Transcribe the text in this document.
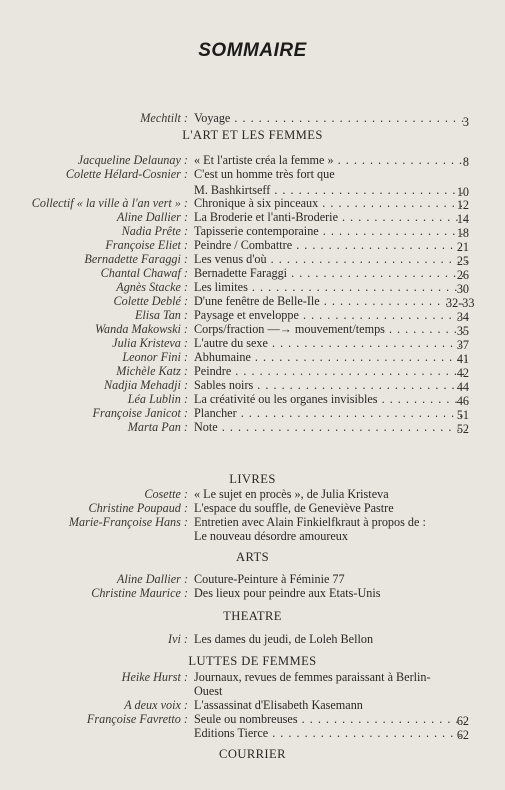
SOMMAIRE
Mechtilt : Voyage . . .	3
L'ART ET LES FEMMES
Jacqueline Delaunay : « Et l'artiste créa la femme » . . .	8
Colette Hélard-Cosnier : C'est un homme très fort que
M. Bashkirtseff . . .	10
Collectif « la ville à l'an vert » : Chronique à six pinceaux . . .	12
Aline Dallier : La Broderie et l'anti-Broderie . . .	14
Nadia Prête : Tapisserie contemporaine . . .	18
Françoise Eliet : Peindre / Combattre . . .	21
Bernadette Faraggi : Les venus d'où . . .	25
Chantal Chawaf : Bernadette Faraggi . . .	26
Agnès Stacke : Les limites . . .	30
Colette Deblé : D'une fenêtre de Belle-Ile . . .	32-33
Elisa Tan : Paysage et enveloppe . . .	34
Wanda Makowski : Corps/fraction —→ mouvement/temps . . .	35
Julia Kristeva : L'autre du sexe . . .	37
Leonor Fini : Abhumaine . . .	41
Michèle Katz : Peindre . . .	42
Nadjia Mehadji : Sables noirs . . .	44
Léa Lublin : La créativité ou les organes invisibles . . .	46
Françoise Janicot : Plancher . . .	51
Marta Pan : Note . . .	52
LIVRES
Cosette : « Le sujet en procès », de Julia Kristeva
Christine Poupaud : L'espace du souffle, de Geneviève Pastre
Marie-Françoise Hans : Entretien avec Alain Finkielfkraut à propos de :
Le nouveau désordre amoureux
ARTS
Aline Dallier : Couture-Peinture à Féminie 77
Christine Maurice : Des lieux pour peindre aux Etats-Unis
THEATRE
Ivi : Les dames du jeudi, de Loleh Bellon
LUTTES DE FEMMES
Heike Hurst : Journaux, revues de femmes paraissant à Berlin-
Ouest
A deux voix : L'assassinat d'Elisabeth Kasemann
Françoise Favretto : Seule ou nombreuses . . .	62
Editions Tierce . . .	62
COURRIER
